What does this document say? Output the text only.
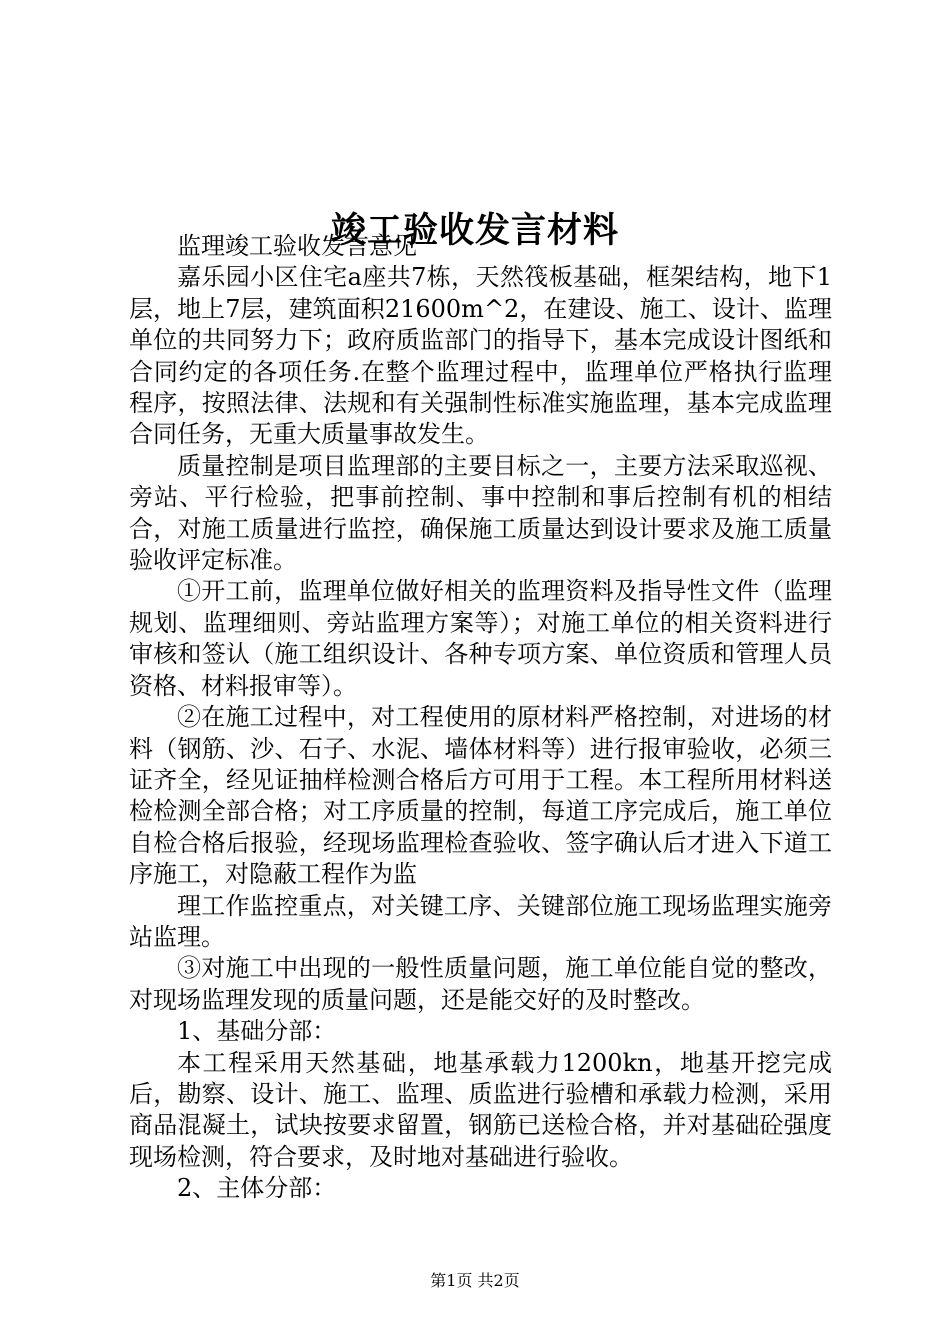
竣工验收发言材料

监理竣工验收发言意见

嘉乐园小区住宅a座共7栋，天然筏板基础，框架结构，地下1层，地上7层，建筑面积21600m^2，在建设、施工、设计、监理单位的共同努力下；政府质监部门的指导下，基本完成设计图纸和合同约定的各项任务.在整个监理过程中，监理单位严格执行监理程序，按照法律、法规和有关强制性标准实施监理，基本完成监理合同任务，无重大质量事故发生。

质量控制是项目监理部的主要目标之一，主要方法采取巡视、旁站、平行检验，把事前控制、事中控制和事后控制有机的相结合，对施工质量进行监控，确保施工质量达到设计要求及施工质量验收评定标准。

①开工前，监理单位做好相关的监理资料及指导性文件（监理规划、监理细则、旁站监理方案等）；对施工单位的相关资料进行审核和签认（施工组织设计、各种专项方案、单位资质和管理人员资格、材料报审等）。

②在施工过程中，对工程使用的原材料严格控制，对进场的材料（钢筋、沙、石子、水泥、墙体材料等）进行报审验收，必须三证齐全，经见证抽样检测合格后方可用于工程。本工程所用材料送检检测全部合格；对工序质量的控制，每道工序完成后，施工单位自检合格后报验，经现场监理检查验收、签字确认后才进入下道工序施工，对隐蔽工程作为监

理工作监控重点，对关键工序、关键部位施工现场监理实施旁站监理。

③对施工中出现的一般性质量问题，施工单位能自觉的整改，对现场监理发现的质量问题，还是能交好的及时整改。

1、基础分部：

本工程采用天然基础，地基承载力1200kn，地基开挖完成后，勘察、设计、施工、监理、质监进行验槽和承载力检测，采用商品混凝土，试块按要求留置，钢筋已送检合格，并对基础砼强度现场检测，符合要求，及时地对基础进行验收。

2、主体分部：

第1页 共2页
